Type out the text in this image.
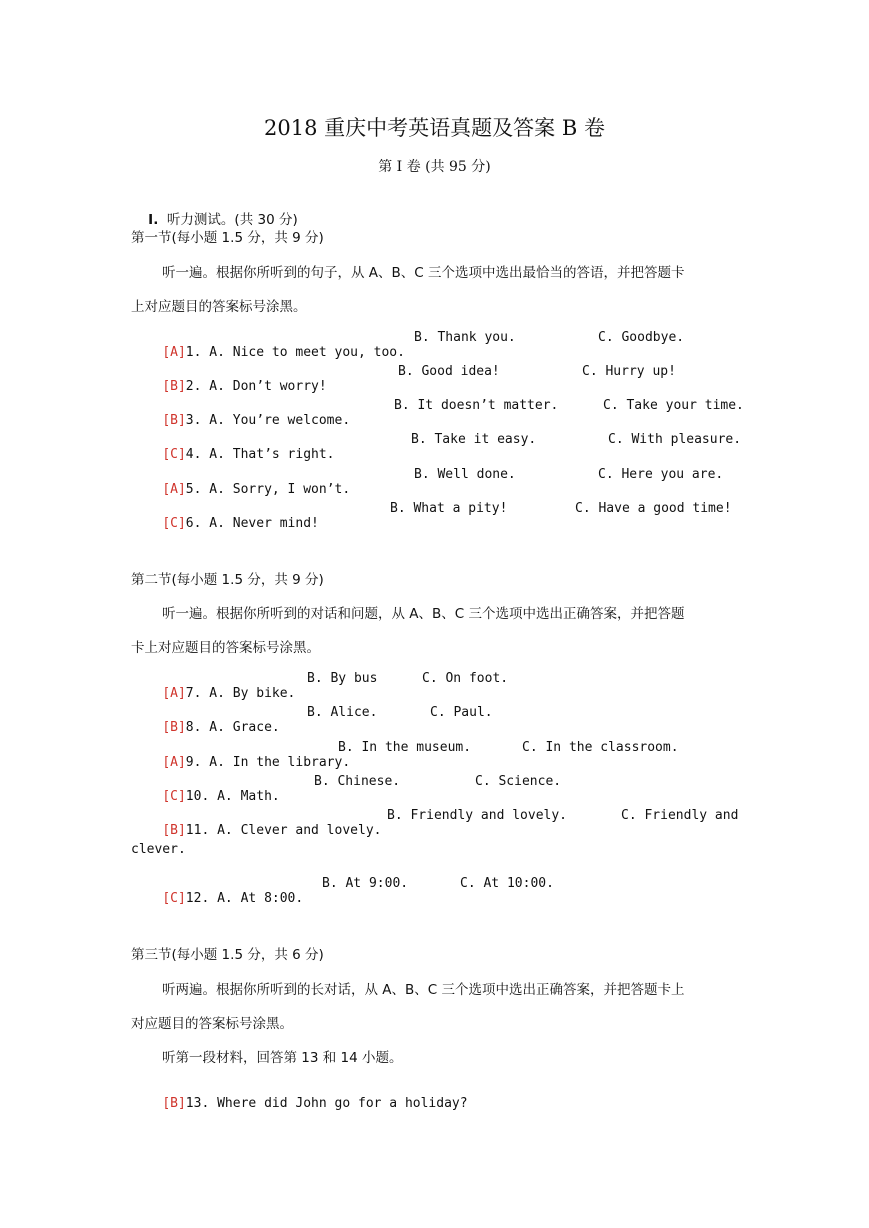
2018 重庆中考英语真题及答案 B 卷
第 I 卷 (共 95 分)

I. 听力测试。(共 30 分)

第一节(每小题 1.5 分，共 9 分)
听一遍。根据你所听到的句子，从 A、B、C 三个选项中选出最恰当的答语，并把答题卡
上对应题目的答案标号涂黑。

[A]1. A. Nice to meet you, too.

B. Thank you.	C. Goodbye.

[B]2. A. Don’t worry!

B. Good idea!	C. Hurry up!

[B]3. A. You’re welcome.

B. It doesn’t matter.	C. Take your time.

[C]4. A. That’s right.

B. Take it easy.	C. With pleasure.

[A]5. A. Sorry, I won’t.

B. Well done.	C. Here you are.

[C]6. A. Never mind!

B. What a pity!	C. Have a good time!
第二节(每小题 1.5 分，共 9 分)
听一遍。根据你所听到的对话和问题，从 A、B、C 三个选项中选出正确答案，并把答题
卡上对应题目的答案标号涂黑。

[A]7. A. By bike.

B. By bus	C. On foot.

[B]8. A. Grace.

B. Alice.	C. Paul.

[A]9. A. In the library.

B. In the museum.	C. In the classroom.

[C]10. A. Math.

B. Chinese.	C. Science.

[B]11. A. Clever and lovely.

B. Friendly and lovely.	C. Friendly and
clever.

[C]12. A. At 8:00.

B. At 9:00.	C. At 10:00.
第三节(每小题 1.5 分，共 6 分)
听两遍。根据你所听到的长对话，从 A、B、C 三个选项中选出正确答案，并把答题卡上
对应题目的答案标号涂黑。
听第一段材料，回答第 13 和 14 小题。

[B]13. Where did John go for a holiday?
